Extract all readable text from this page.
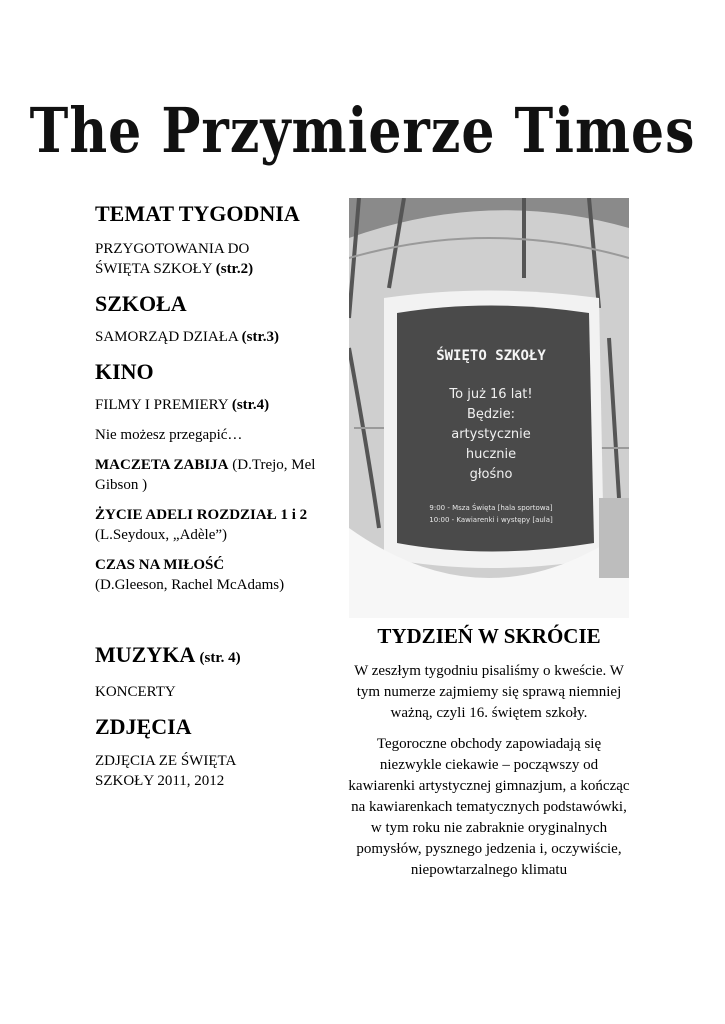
The Przymierze Times
TEMAT TYGODNIA

PRZYGOTOWANIA DO
ŚWIĘTA SZKOŁY (str.2)

SZKOŁA

SAMORZĄD DZIAŁA (str.3)

KINO

FILMY I PREMIERY (str.4)

Nie możesz przegapić…

MACZETA ZABIJA (D.Trejo, Mel Gibson )

ŻYCIE ADELI ROZDZIAŁ 1 i 2 (L.Seydoux, „Adèle”)

CZAS NA MIŁOŚĆ
(D.Gleeson, Rachel McAdams)

MUZYKA (str. 4)

KONCERTY

ZDJĘCIA

ZDJĘCIA ZE ŚWIĘTA
SZKOŁY 2011, 2012

ŚWIĘTO SZKOŁY
To już 16 lat!
Będzie:
artystycznie
hucznie
głośno
9:00 - Msza Święta [hala sportowa]
10:00 - Kawiarenki i występy [aula]
TYDZIEŃ W SKRÓCIE

W zeszłym tygodniu pisaliśmy o kweście. W tym numerze zajmiemy się sprawą niemniej ważną, czyli 16. świętem szkoły.

Tegoroczne obchody zapowiadają się niezwykle ciekawie – począwszy od kawiarenki artystycznej gimnazjum, a kończąc na kawiarenkach tematycznych podstawówki, w tym roku nie zabraknie oryginalnych pomysłów, pysznego jedzenia i, oczywiście, niepowtarzalnego klimatu
